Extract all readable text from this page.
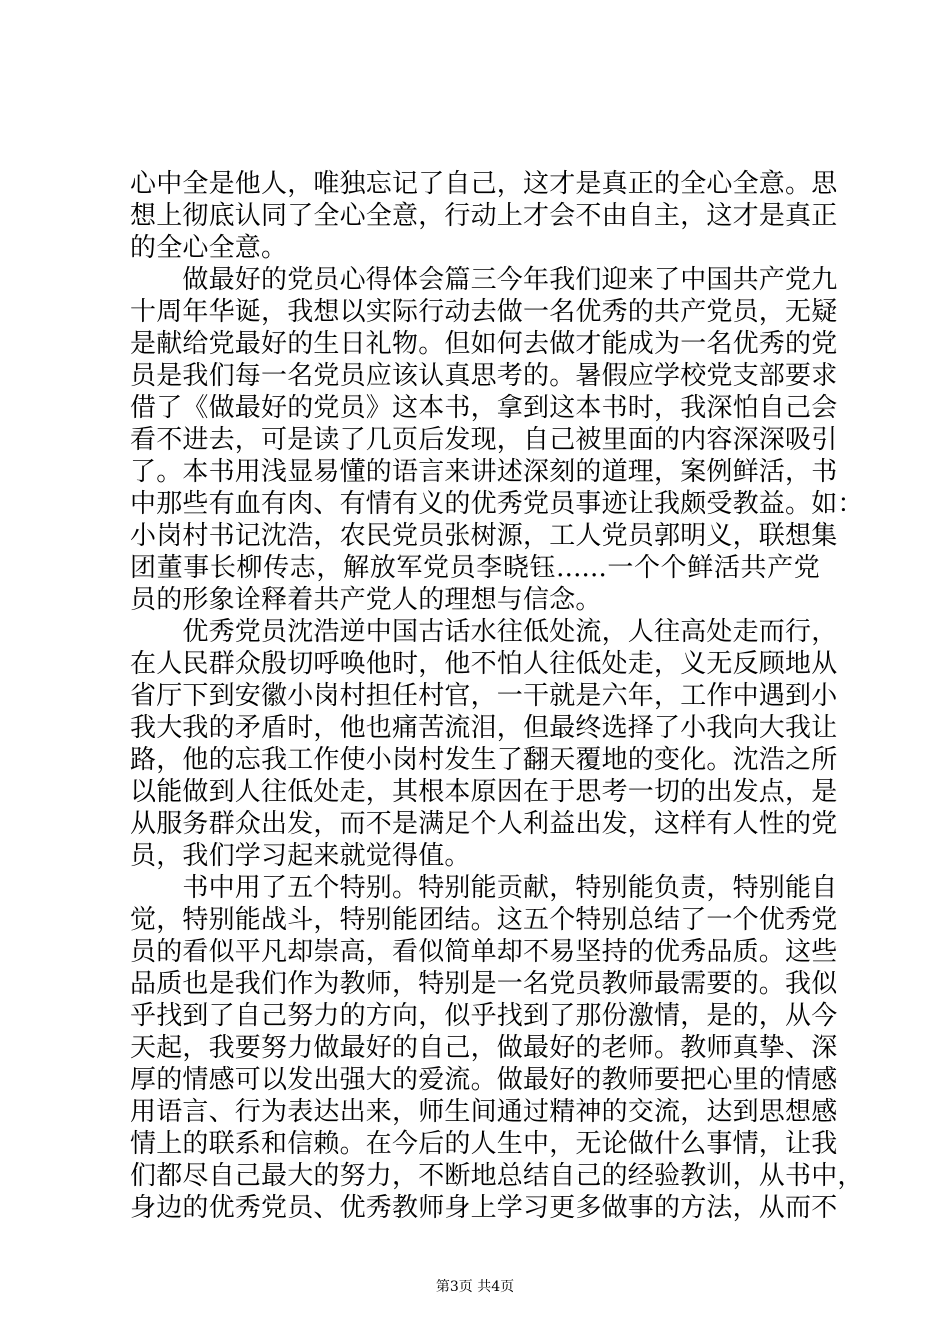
心中全是他人，唯独忘记了自己，这才是真正的全心全意。思
想上彻底认同了全心全意，行动上才会不由自主，这才是真正
的全心全意。
　　做最好的党员心得体会篇三今年我们迎来了中国共产党九
十周年华诞，我想以实际行动去做一名优秀的共产党员，无疑
是献给党最好的生日礼物。但如何去做才能成为一名优秀的党
员是我们每一名党员应该认真思考的。暑假应学校党支部要求
借了《做最好的党员》这本书，拿到这本书时，我深怕自己会
看不进去，可是读了几页后发现，自己被里面的内容深深吸引
了。本书用浅显易懂的语言来讲述深刻的道理，案例鲜活，书
中那些有血有肉、有情有义的优秀党员事迹让我颇受教益。如：
小岗村书记沈浩，农民党员张树源，工人党员郭明义，联想集
团董事长柳传志，解放军党员李晓钰......一个个鲜活共产党
员的形象诠释着共产党人的理想与信念。
　　优秀党员沈浩逆中国古话水往低处流，人往高处走而行，
在人民群众殷切呼唤他时，他不怕人往低处走，义无反顾地从
省厅下到安徽小岗村担任村官，一干就是六年，工作中遇到小
我大我的矛盾时，他也痛苦流泪，但最终选择了小我向大我让
路，他的忘我工作使小岗村发生了翻天覆地的变化。沈浩之所
以能做到人往低处走，其根本原因在于思考一切的出发点，是
从服务群众出发，而不是满足个人利益出发，这样有人性的党
员，我们学习起来就觉得值。
　　书中用了五个特别。特别能贡献，特别能负责，特别能自
觉，特别能战斗，特别能团结。这五个特别总结了一个优秀党
员的看似平凡却崇高，看似简单却不易坚持的优秀品质。这些
品质也是我们作为教师，特别是一名党员教师最需要的。我似
乎找到了自己努力的方向，似乎找到了那份激情，是的，从今
天起，我要努力做最好的自己，做最好的老师。教师真挚、深
厚的情感可以发出强大的爱流。做最好的教师要把心里的情感
用语言、行为表达出来，师生间通过精神的交流，达到思想感
情上的联系和信赖。在今后的人生中，无论做什么事情，让我
们都尽自己最大的努力，不断地总结自己的经验教训，从书中，
身边的优秀党员、优秀教师身上学习更多做事的方法，从而不
第3页 共4页
